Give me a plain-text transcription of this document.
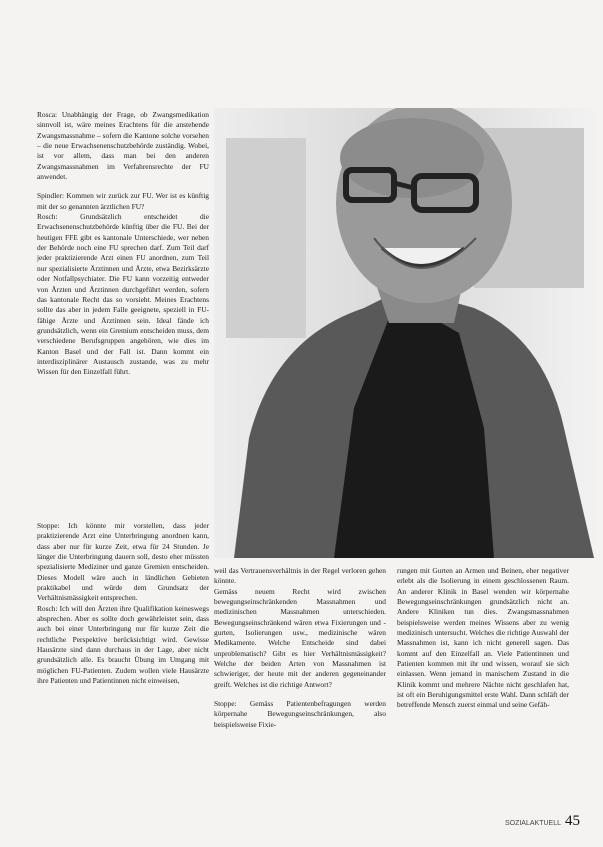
Rosca: Unabhängig der Frage, ob Zwangsmedikation sinnvoll ist, wäre meines Erachtens für die anstehende Zwangsmassnahme – sofern die Kantone solche vorsehen – die neue Erwachsenenschutzbehörde zuständig. Wobei, ist vor allem, dass man bei den anderen Zwangsmassnahmen im Verfahrensrechte der FU anwendet.

Spindler: Kommen wir zurück zur FU. Wer ist es künftig mit der so genannten ärztlichen FU?

Rosch: Grundsätzlich entscheidet die Erwachsenenschutzbehörde künftig über die FU. Bei der heutigen FFE gibt es kantonale Unterschiede, wer neben der Behörde noch eine FU sprechen darf. Zum Teil darf jeder praktizierende Arzt einen FU anordnen, zum Teil nur spezialisierte Ärztinnen und Ärzte, etwa Bezirksärzte oder Notfallpsychiater. Die FU kann vorzeitig entweder von Ärzten und Ärztinnen durchgeführt werden, sofern das kantonale Recht das so vorsieht. Meines Erachtens sollte das aber in jedem Falle geeignete, speziell in FU-fähige Ärzte und Ärztinnen sein. Ideal fände ich grundsätzlich, wenn ein Gremium entscheiden muss, dem verschiedene Berufsgruppen angehören, wie dies im Kanton Basel und der Fall ist. Dann kommt ein interdisziplinärer Austausch zustande, was zu mehr Wissen für den Einzelfall führt.

Stoppe: Ich könnte mir vorstellen, dass jeder praktizierende Arzt eine Unterbringung anordnen kann, dass aber nur für kurze Zeit, etwa für 24 Stunden. Je länger die Unterbringung dauern soll, desto eher müssten spezialisierte Mediziner und ganze Gremien entscheiden. Dieses Modell wäre auch in ländlichen Gebieten praktikabel und würde dem Grundsatz der Verhältnismässigkeit entsprechen.

Rosch: Ich will den Ärzten ihre Qualifikation keineswegs absprechen. Aber es sollte doch gewährleistet sein, dass auch bei einer Unterbringung nur für kurze Zeit die rechtliche Perspektive berücksichtigt wird. Gewisse Hausärzte sind dann durchaus in der Lage, aber nicht grundsätzlich alle. Es braucht Übung im Umgang mit möglichen FU-Patienten. Zudem wollen viele Hausärzte ihre Patienten und Patientinnen nicht einweisen,

weil das Vertrauensverhältnis in der Regel verloren gehen könnte.

Gemäss neuem Recht wird zwischen bewegungseinschränkenden Massnahmen und medizinischen Massnahmen unterschieden. Bewegungseinschränkend wären etwa Fixierungen und -gurten, Isolierungen usw., medizinische wären Medikamente. Welche Entscheide sind dabei unproblematisch? Gibt es hier Verhältnismässigkeit? Welche der beiden Arten von Massnahmen ist schwieriger, der heute mit der anderen gegeneinander greift. Welches ist die richtige Antwort?

Stoppe: Gemäss Patientenbefragungen werden körpernahe Bewegungseinschränkungen, also beispielsweise Fixie-

rungen mit Gurten an Armen und Beinen, eher negativer erlebt als die Isolierung in einem geschlossenen Raum. An anderer Klinik in Basel wenden wir körpernahe Bewegungseinschränkungen grundsätzlich nicht an. Andere Kliniken tun dies. Zwangsmassnahmen beispielsweise werden meines Wissens aber zu wenig medizinisch untersucht. Welches die richtige Auswahl der Massnahmen ist, kann ich nicht generell sagen. Das kommt auf den Einzelfall an. Viele Patientinnen und Patienten kommen mit ihr und wissen, worauf sie sich einlassen. Wenn jemand in manischem Zustand in die Klinik kommt und mehrere Nächte nicht geschlafen hat, ist oft ein Beruhigungsmittel erste Wahl. Dann schläft der betreffende Mensch zuerst einmal und seine Gefäh-

SOZIALAKTUELL 45
